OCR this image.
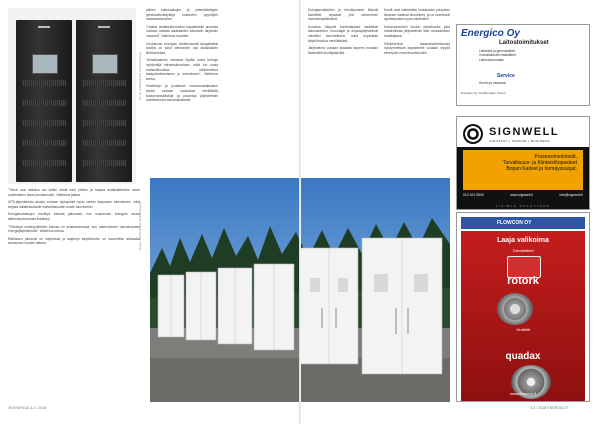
Kuva: Arkistokuva (Arkistokuva)
Kuva: Arkistokuva (Arkistokuva)

pitkien katkosaikojen ja yhtenäistettyjen generaattorikäyttöjä koskevien pyyntöjen vastaanottaminen.

"Lisäksi sisäänrakennetun kapasiteetin ansiosta voidaan vastata asiakkaiden kasvaviin tarpeisiin nopeasti", Wahlroos kuvailee.

Uusiutuvan energian keräämisestä kaupallisiksi tuloiksi on tullut olennainen osa asiakkaiden liiketoimintaa.

"Asiakkaamme haluavat löytää uusia keinoja hyödyntää infrastruktuuriaan, mikä luo uusia mahdollisuuksia sähköverkon tasapainottamiseen ja tukemiseen", Wahlroos kertoo.

Keskitetyn ja joustavan varavoimaratkaisun avulla voidaan saavuttaa merkittäviä kustannussäästöjä ja parantaa järjestelmän luotettavuutta samanaikaisesti.

"Tämä uusi ratkaisu tuo kaikki nämä edut yhteen ja tarjoaa asiakkaillemme aivan uudenlaisen tason joustavuutta", Wahlroos jatkaa.

UPS-järjestelmän akusto voidaan hyödyntää myös verkon taajuuden tukemiseen, mikä tarjoaa datakeskuksille mahdollisuuden uusiin tulovirtoihin.

Energiavarastojen merkitys kasvaa jatkuvasti, kun uusiutuvan energian osuus sähköntuotannosta lisääntyy.

"Yhteistyö verkkoyhtiöiden kanssa on avainasemassa, kun rakennamme tulevaisuuden energiajärjestelmää", Wahlroos toteaa.

Ratkaisun pilotointi on käynnissä ja laajempi käyttöönotto on suunniteltu alkavaksi seuraavan vuoden aikana.

46 ENERGIA 3-4 / 2018

Energiansäästöön ja tehokkuuteen liittyvät tavoitteet ohjaavat yhä vahvemmin investointipäätöksiä.

Kuvassa näkyvät konttiratkaisut sisältävät akkuvaraston, muuntajat ja ohjausjärjestelmät valmiiksi asennettuina, mikä nopeuttaa käyttöönottoa merkittävästi.

Järjestelmä voidaan skaalata tarpeen mukaan lisäämällä konttiyksiköitä.

Kontit ovat valmistettu kestämään pohjoisen ilmaston vaativat olosuhteet, ja ne soveltuvat sijoitettavaksi myös ulkotiloihin.

Kokonaisuuteen kuuluu etävalvonta, joka mahdollistaa järjestelmän tilan seuraamisen reaaliajassa.

Sähköverkon tasapainottamisessa hyödynnettävä kapasiteetti voidaan myydä eteenpäin reservimarkkinoille.

Energico Oy
Laitostoimitukset
Laitokset ja generaattorit
Voimalaitosten lisälaitteet
Laitosautomaatio
Service
Huolto ja varaosat
Energico Oy, Teollisuustie, Suomi
SIGNWELL
INDUSTRY | MARINE | BUSINESS
Prosessimerkinnät,
Turvallisuus- ja Kiinteistöopasteet
Bopan Kaiteet ja törmäyssuojat.
010 321 5500	www.signwell.fi	info@signwell.fi
VISIBLE SOLUTIONS
FLOWCON OY
Laaja valikoima
Toimilaitteet
rotork
Venttiilit
quadax
www.flowcon.fi
3-4 / 2018 ENERGIA 47
